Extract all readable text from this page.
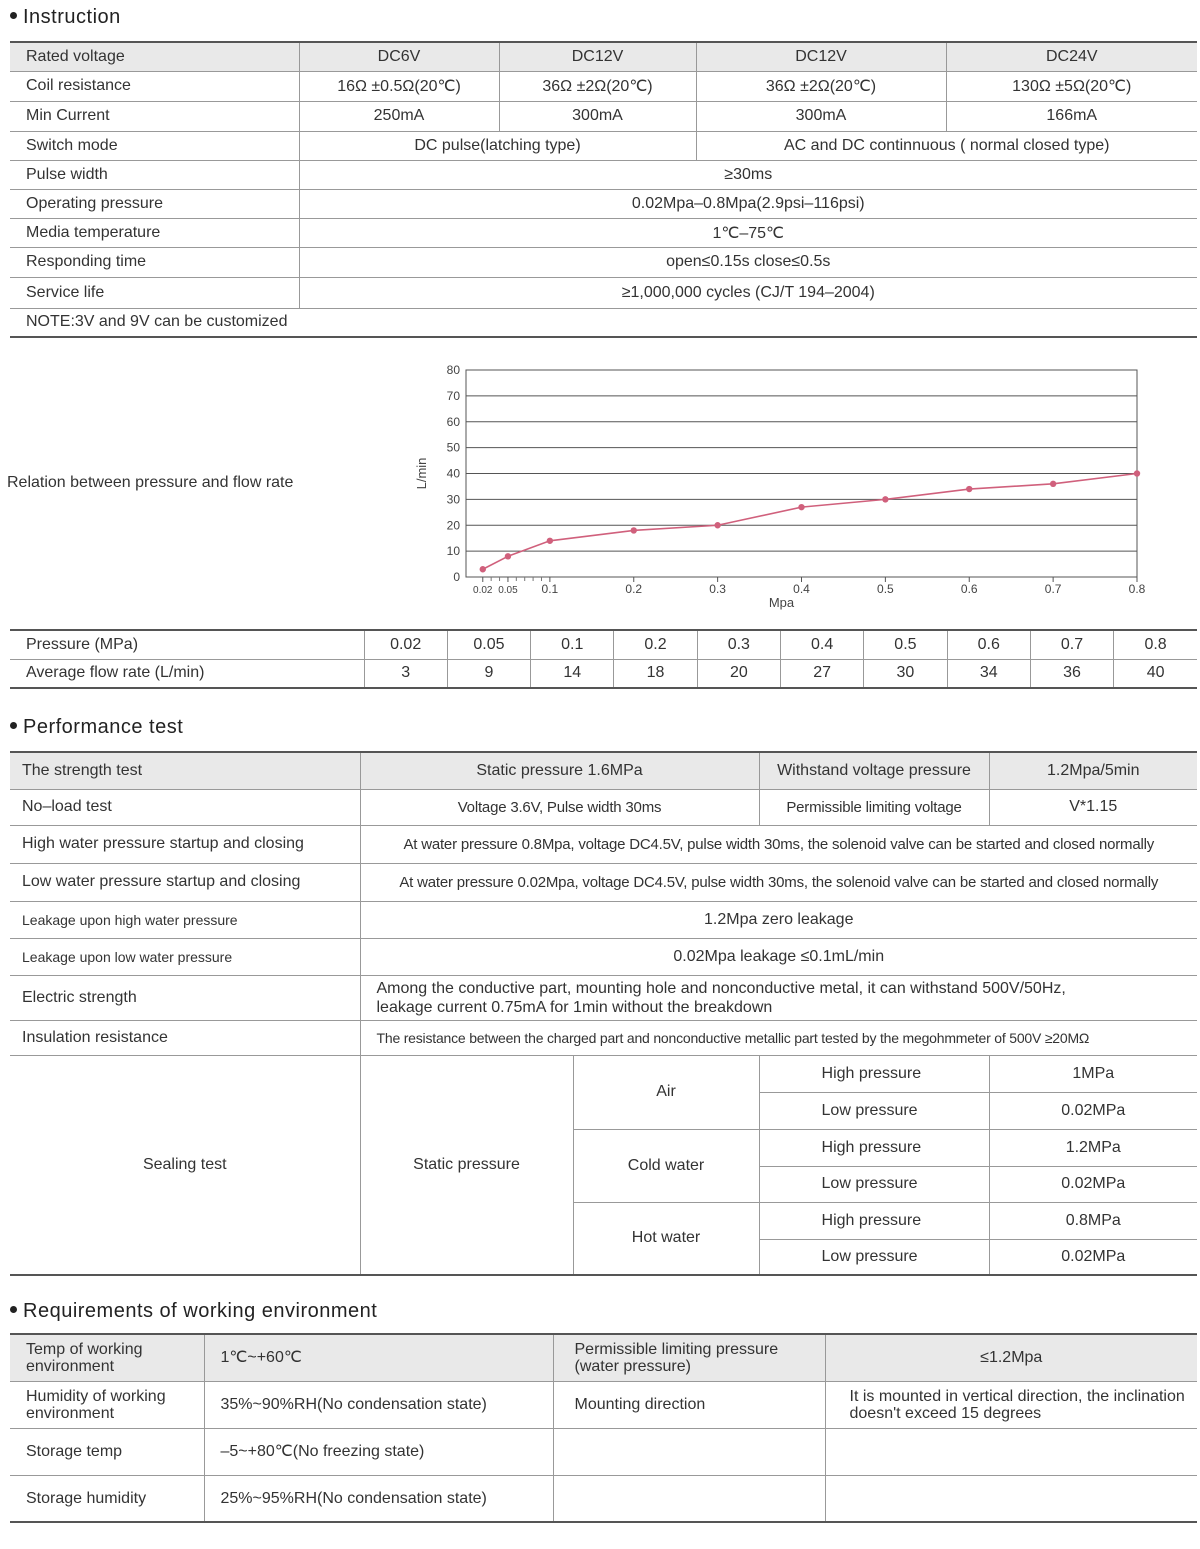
Instruction
Rated voltage	DC6V	DC12V	DC12V	DC24V
Coil resistance	16Ω ±0.5Ω(20℃)	36Ω ±2Ω(20℃)	36Ω ±2Ω(20℃)	130Ω ±5Ω(20℃)
Min Current	250mA	300mA	300mA	166mA
Switch mode	DC pulse(latching type)		AC and DC continnuous ( normal closed type)	
Pulse width	≥30ms			
Operating pressure	0.02Mpa–0.8Mpa(2.9psi–116psi)			
Media temperature	1℃–75℃			
Responding time	open≤0.15s close≤0.5s			
Service life	≥1,000,000 cycles (CJ/T 194–2004)			
NOTE:3V and 9V can be customized				
Relation between pressure and flow rate
0
10
20
30
40
50
60
70
80
0.02 0.05 0.1	0.2	0.3	0.4	0.5	0.6	0.7	0.8
Mpa
L/min
Pressure (MPa)	0.02	0.05	0.1	0.2	0.3	0.4	0.5	0.6	0.7	0.8
Average flow rate (L/min)	3	9	14	18	20	27	30	34	36	40
Performance test
The strength test	Static pressure 1.6MPa		Withstand voltage pressure	1.2Mpa/5min
No–load test	Voltage 3.6V, Pulse width 30ms		Permissible limiting voltage	V*1.15
High water pressure startup and closing	At water pressure 0.8Mpa, voltage DC4.5V, pulse width 30ms, the solenoid valve can be started and closed normally			
Low water pressure startup and closing	At water pressure 0.02Mpa, voltage DC4.5V, pulse width 30ms, the solenoid valve can be started and closed normally			
Leakage upon high water pressure	1.2Mpa zero leakage			
Leakage upon low water pressure	0.02Mpa leakage ≤0.1mL/min			
Electric strength	Among the conductive part, mounting hole and nonconductive metal, it can withstand 500V/50Hz,
leakage current 0.75mA for 1min without the breakdown			

Insulation resistance	The resistance between the charged part and nonconductive metallic part tested by the megohmmeter of 500V ≥20MΩ			
Sealing test	Static pressure	Air	High pressure	1MPa
			Low pressure	0.02MPa
		Cold water	High pressure	1.2MPa
			Low pressure	0.02MPa
		Hot water	High pressure	0.8MPa
			Low pressure	0.02MPa
Requirements of working environment
Temp of working environment	1℃~+60℃	Permissible limiting pressure (water pressure)	≤1.2Mpa
Humidity of working environment	35%~90%RH(No condensation state)	Mounting direction	It is mounted in vertical direction, the inclination doesn't exceed 15 degrees
Storage temp	–5~+80℃(No freezing state)		
Storage humidity	25%~95%RH(No condensation state)		
